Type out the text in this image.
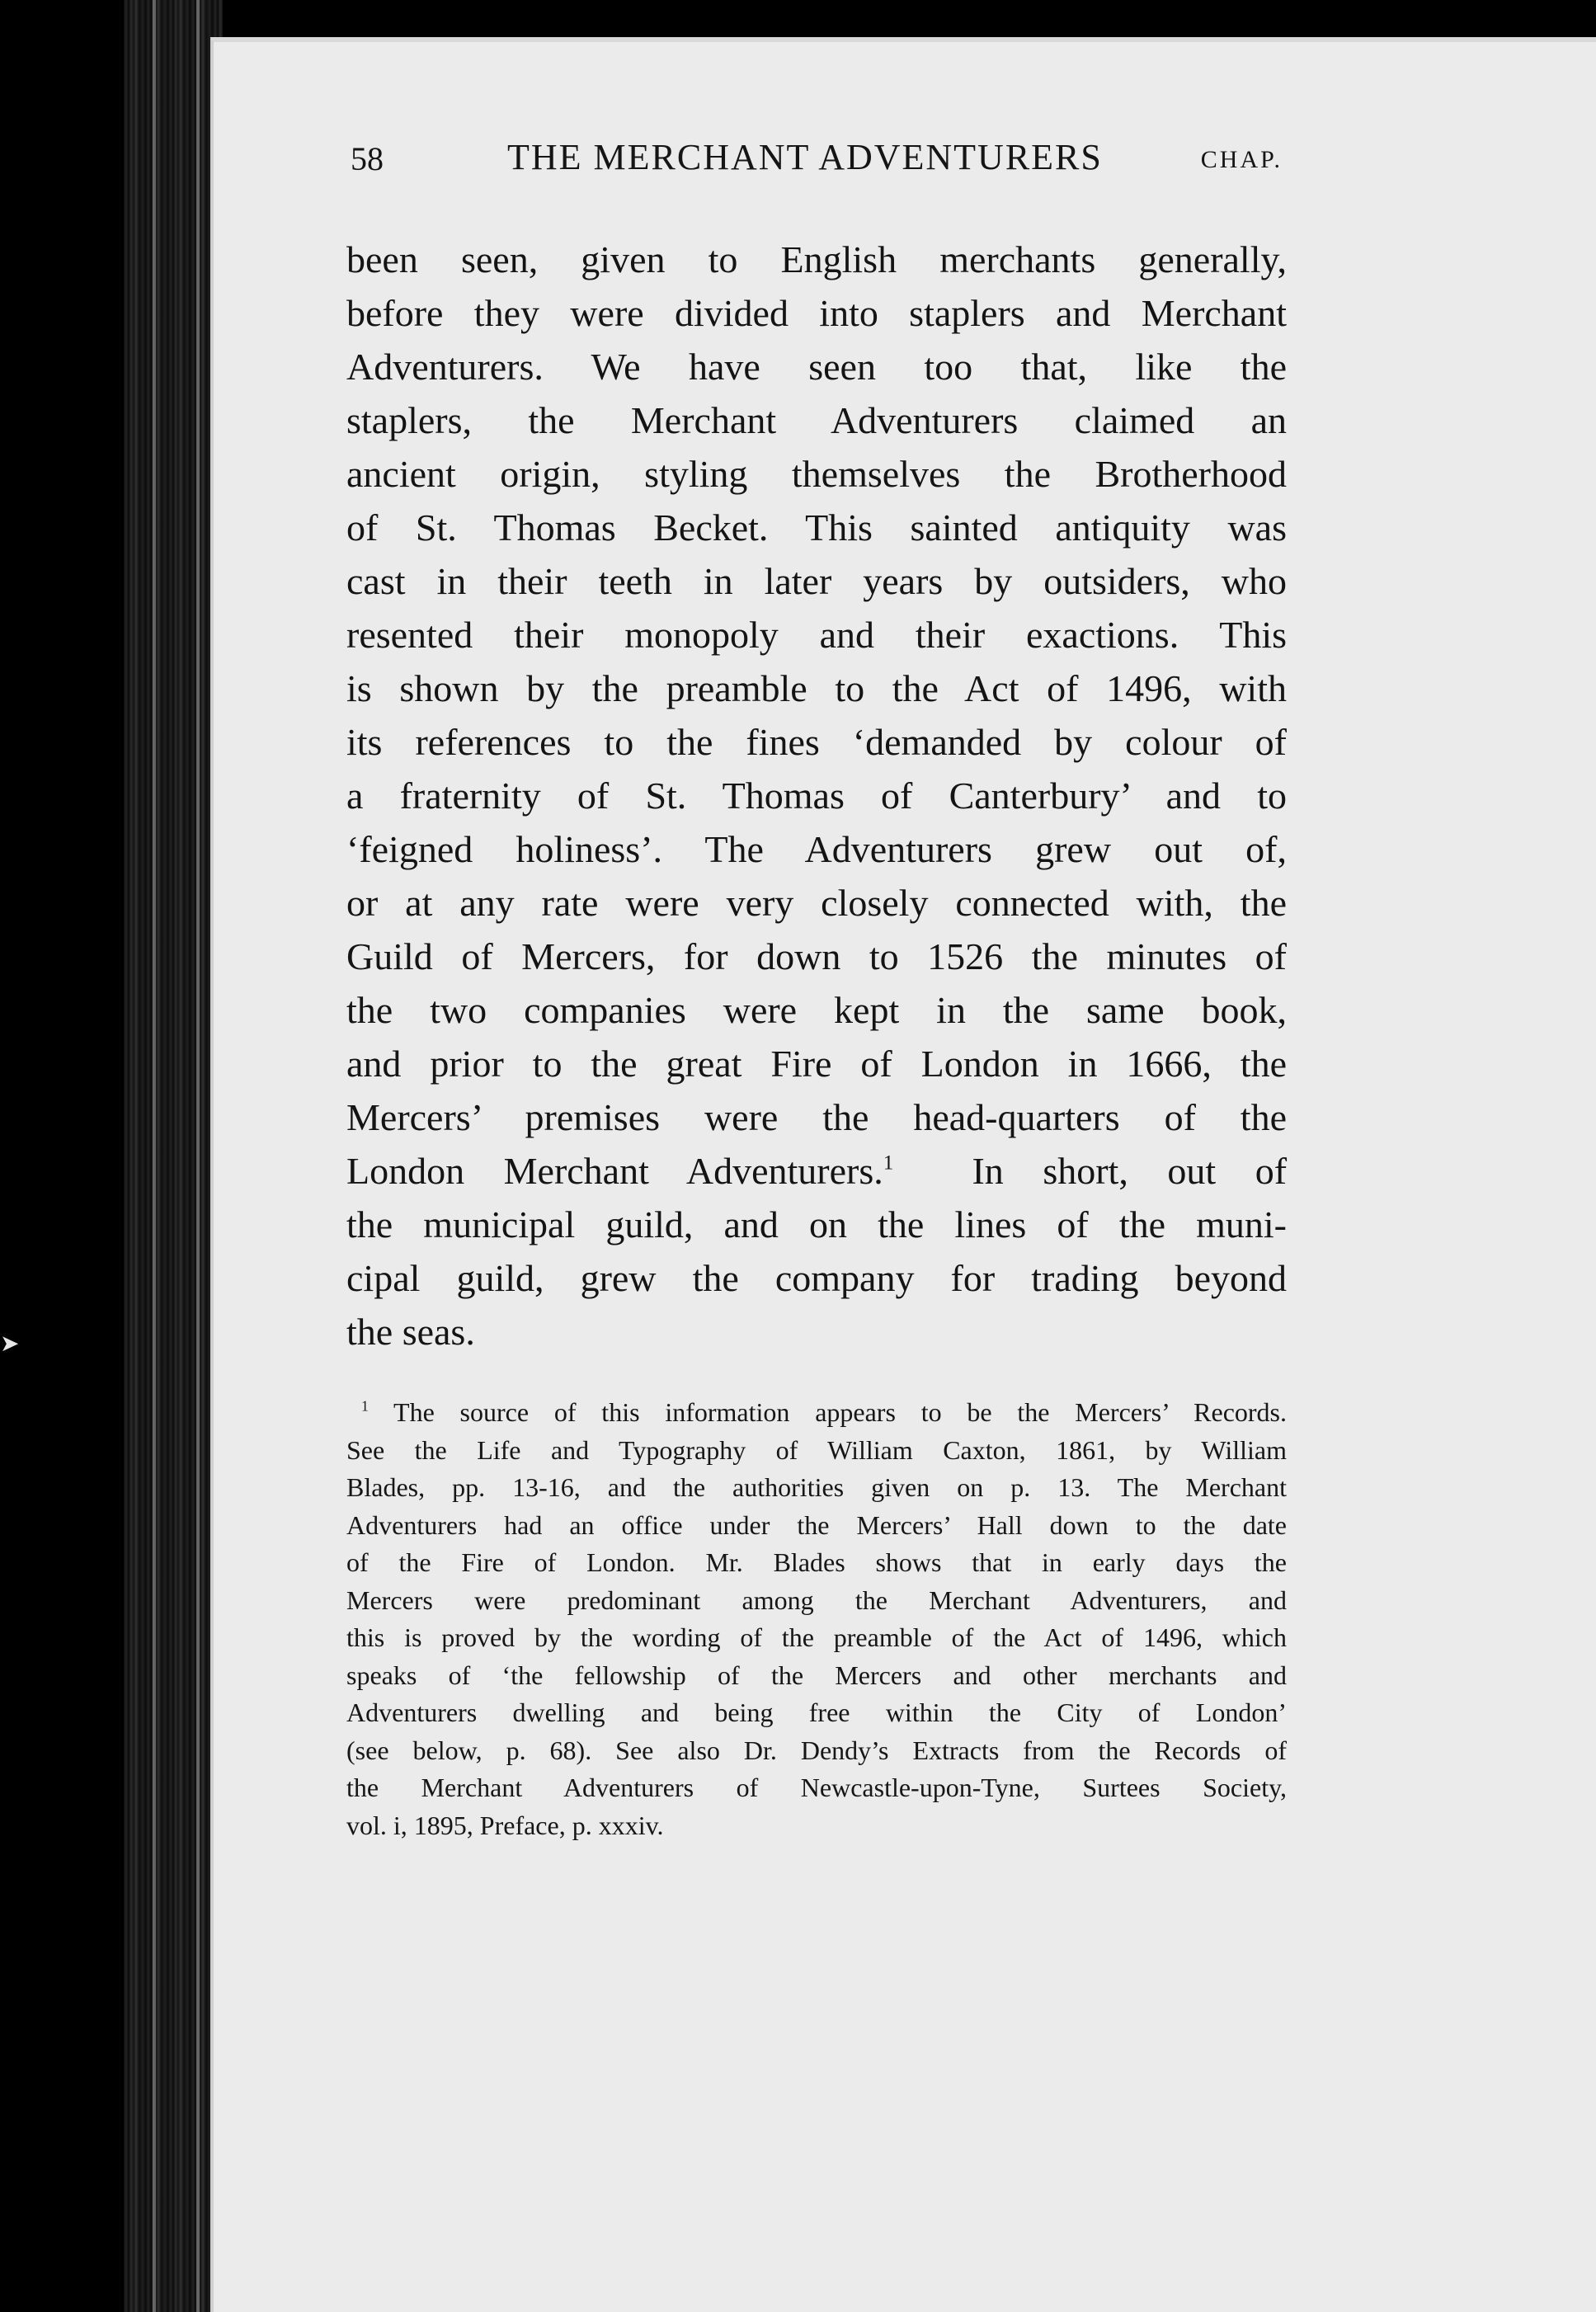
➤
58	THE MERCHANT ADVENTURERS	CHAP.
been seen, given to English merchants generally,
before they were divided into staplers and Merchant
Adventurers. We have seen too that, like the
staplers, the Merchant Adventurers claimed an
ancient origin, styling themselves the Brotherhood
of St. Thomas Becket. This sainted antiquity was
cast in their teeth in later years by outsiders, who
resented their monopoly and their exactions. This
is shown by the preamble to the Act of 1496, with
its references to the fines ‘demanded by colour of
a fraternity of St. Thomas of Canterbury’ and to
‘feigned holiness’. The Adventurers grew out of,
or at any rate were very closely connected with, the
Guild of Mercers, for down to 1526 the minutes of
the two companies were kept in the same book,
and prior to the great Fire of London in 1666, the
Mercers’ premises were the head-quarters of the
London Merchant Adventurers.$^1$  In short, out of
the municipal guild, and on the lines of the muni-
cipal guild, grew the company for trading beyond
the seas.
$^1$ The source of this information appears to be the Mercers’ Records.
See the Life and Typography of William Caxton, 1861, by William
Blades, pp. 13-16, and the authorities given on p. 13. The Merchant
Adventurers had an office under the Mercers’ Hall down to the date
of the Fire of London. Mr. Blades shows that in early days the
Mercers were predominant among the Merchant Adventurers, and
this is proved by the wording of the preamble of the Act of 1496, which
speaks of ‘the fellowship of the Mercers and other merchants and
Adventurers dwelling and being free within the City of London’
(see below, p. 68). See also Dr. Dendy’s Extracts from the Records of
the Merchant Adventurers of Newcastle-upon-Tyne, Surtees Society,
vol. i, 1895, Preface, p. xxxiv.
